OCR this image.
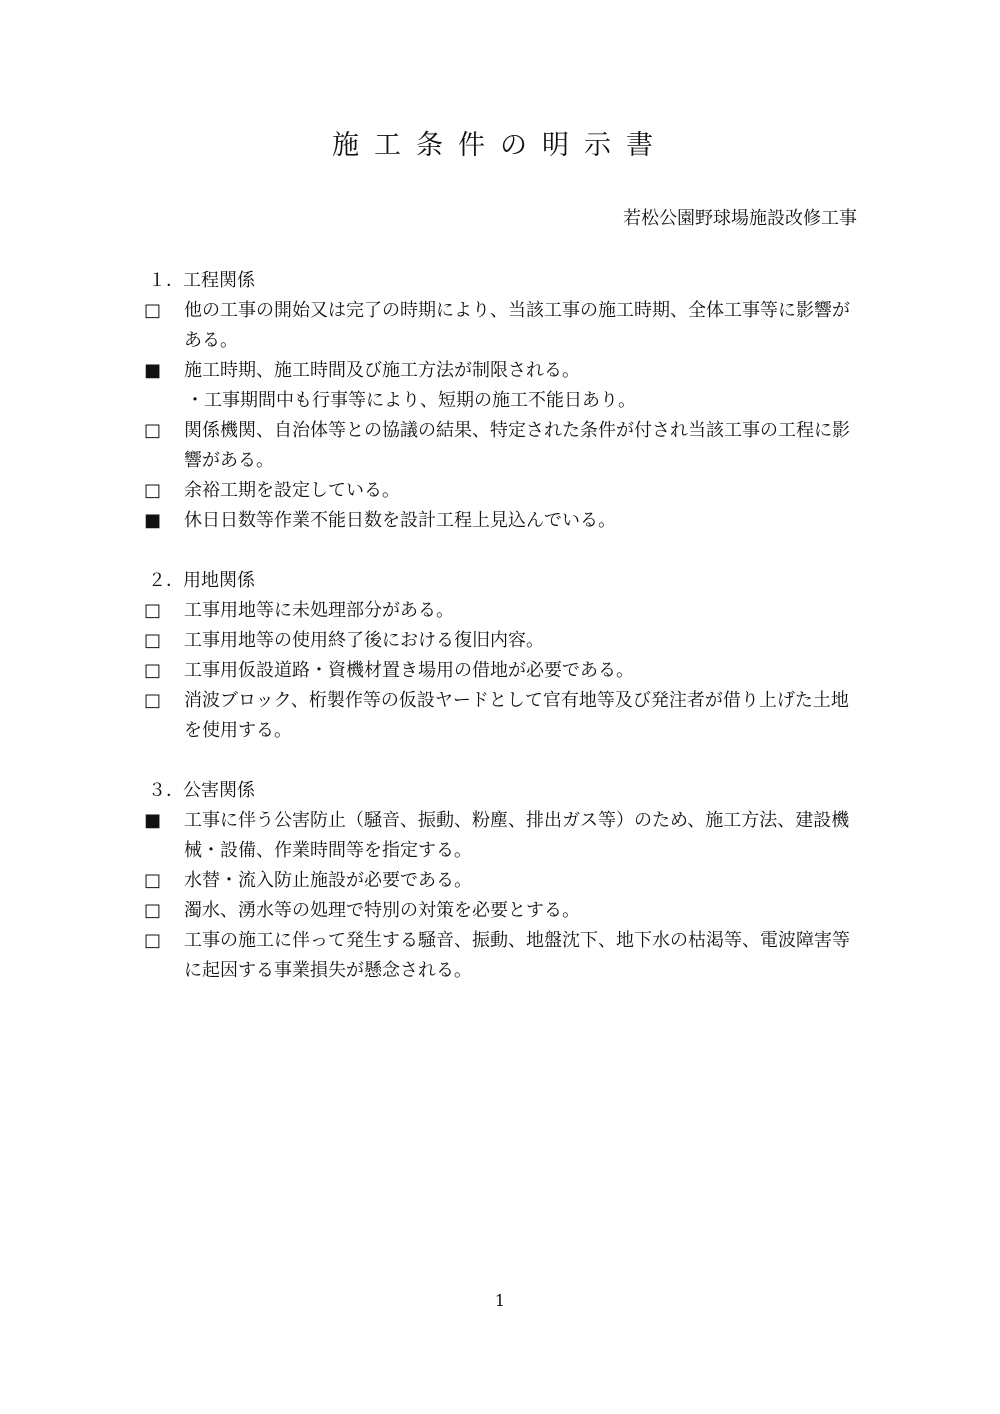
施工条件の明示書
若松公園野球場施設改修工事
１． 工程関係
□	他の工事の開始又は完了の時期により、当該工事の施工時期、全体工事等に影響がある。
■	施工時期、施工時間及び施工方法が制限される。
・工事期間中も行事等により、短期の施工不能日あり。
□	関係機関、自治体等との協議の結果、特定された条件が付され当該工事の工程に影響がある。
□	余裕工期を設定している。
■	休日日数等作業不能日数を設計工程上見込んでいる。
２． 用地関係
□	工事用地等に未処理部分がある。
□	工事用地等の使用終了後における復旧内容。
□	工事用仮設道路・資機材置き場用の借地が必要である。
□	消波ブロック、桁製作等の仮設ヤードとして官有地等及び発注者が借り上げた土地を使用する。
３． 公害関係
■	工事に伴う公害防止（騒音、振動、粉塵、排出ガス等）のため、施工方法、建設機械・設備、作業時間等を指定する。
□	水替・流入防止施設が必要である。
□	濁水、湧水等の処理で特別の対策を必要とする。
□	工事の施工に伴って発生する騒音、振動、地盤沈下、地下水の枯渇等、電波障害等に起因する事業損失が懸念される。
1
